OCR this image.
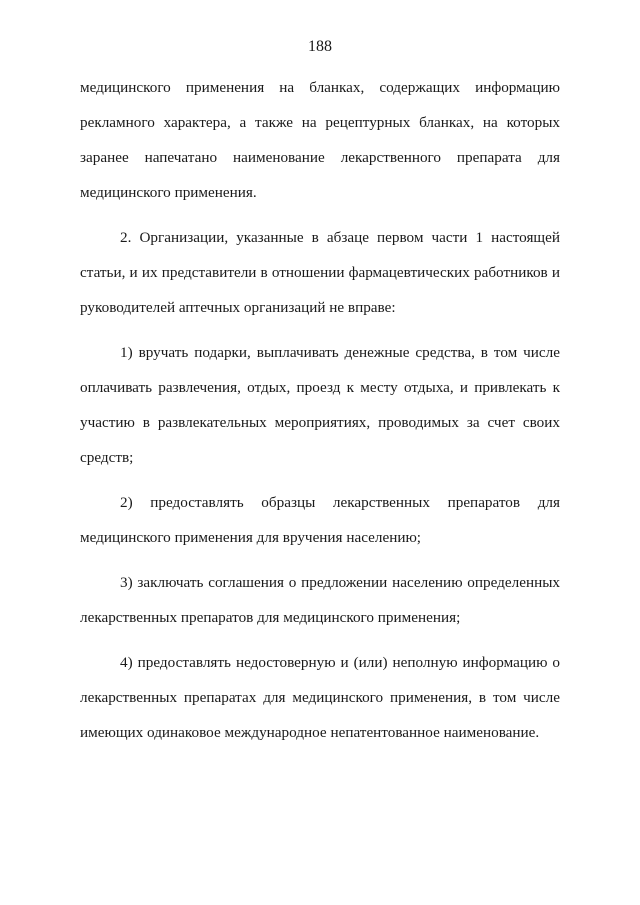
188

медицинского применения на бланках, содержащих информацию рекламного характера, а также на рецептурных бланках, на которых заранее напечатано наименование лекарственного препарата для медицинского применения.

2. Организации, указанные в абзаце первом части 1 настоящей статьи, и их представители в отношении фармацевтических работников и руководителей аптечных организаций не вправе:

1) вручать подарки, выплачивать денежные средства, в том числе оплачивать развлечения, отдых, проезд к месту отдыха, и привлекать к участию в развлекательных мероприятиях, проводимых за счет своих средств;

2) предоставлять образцы лекарственных препаратов для медицинского применения для вручения населению;

3) заключать соглашения о предложении населению определенных лекарственных препаратов для медицинского применения;

4) предоставлять недостоверную и (или) неполную информацию о лекарственных препаратах для медицинского применения, в том числе имеющих одинаковое международное непатентованное наименование.
